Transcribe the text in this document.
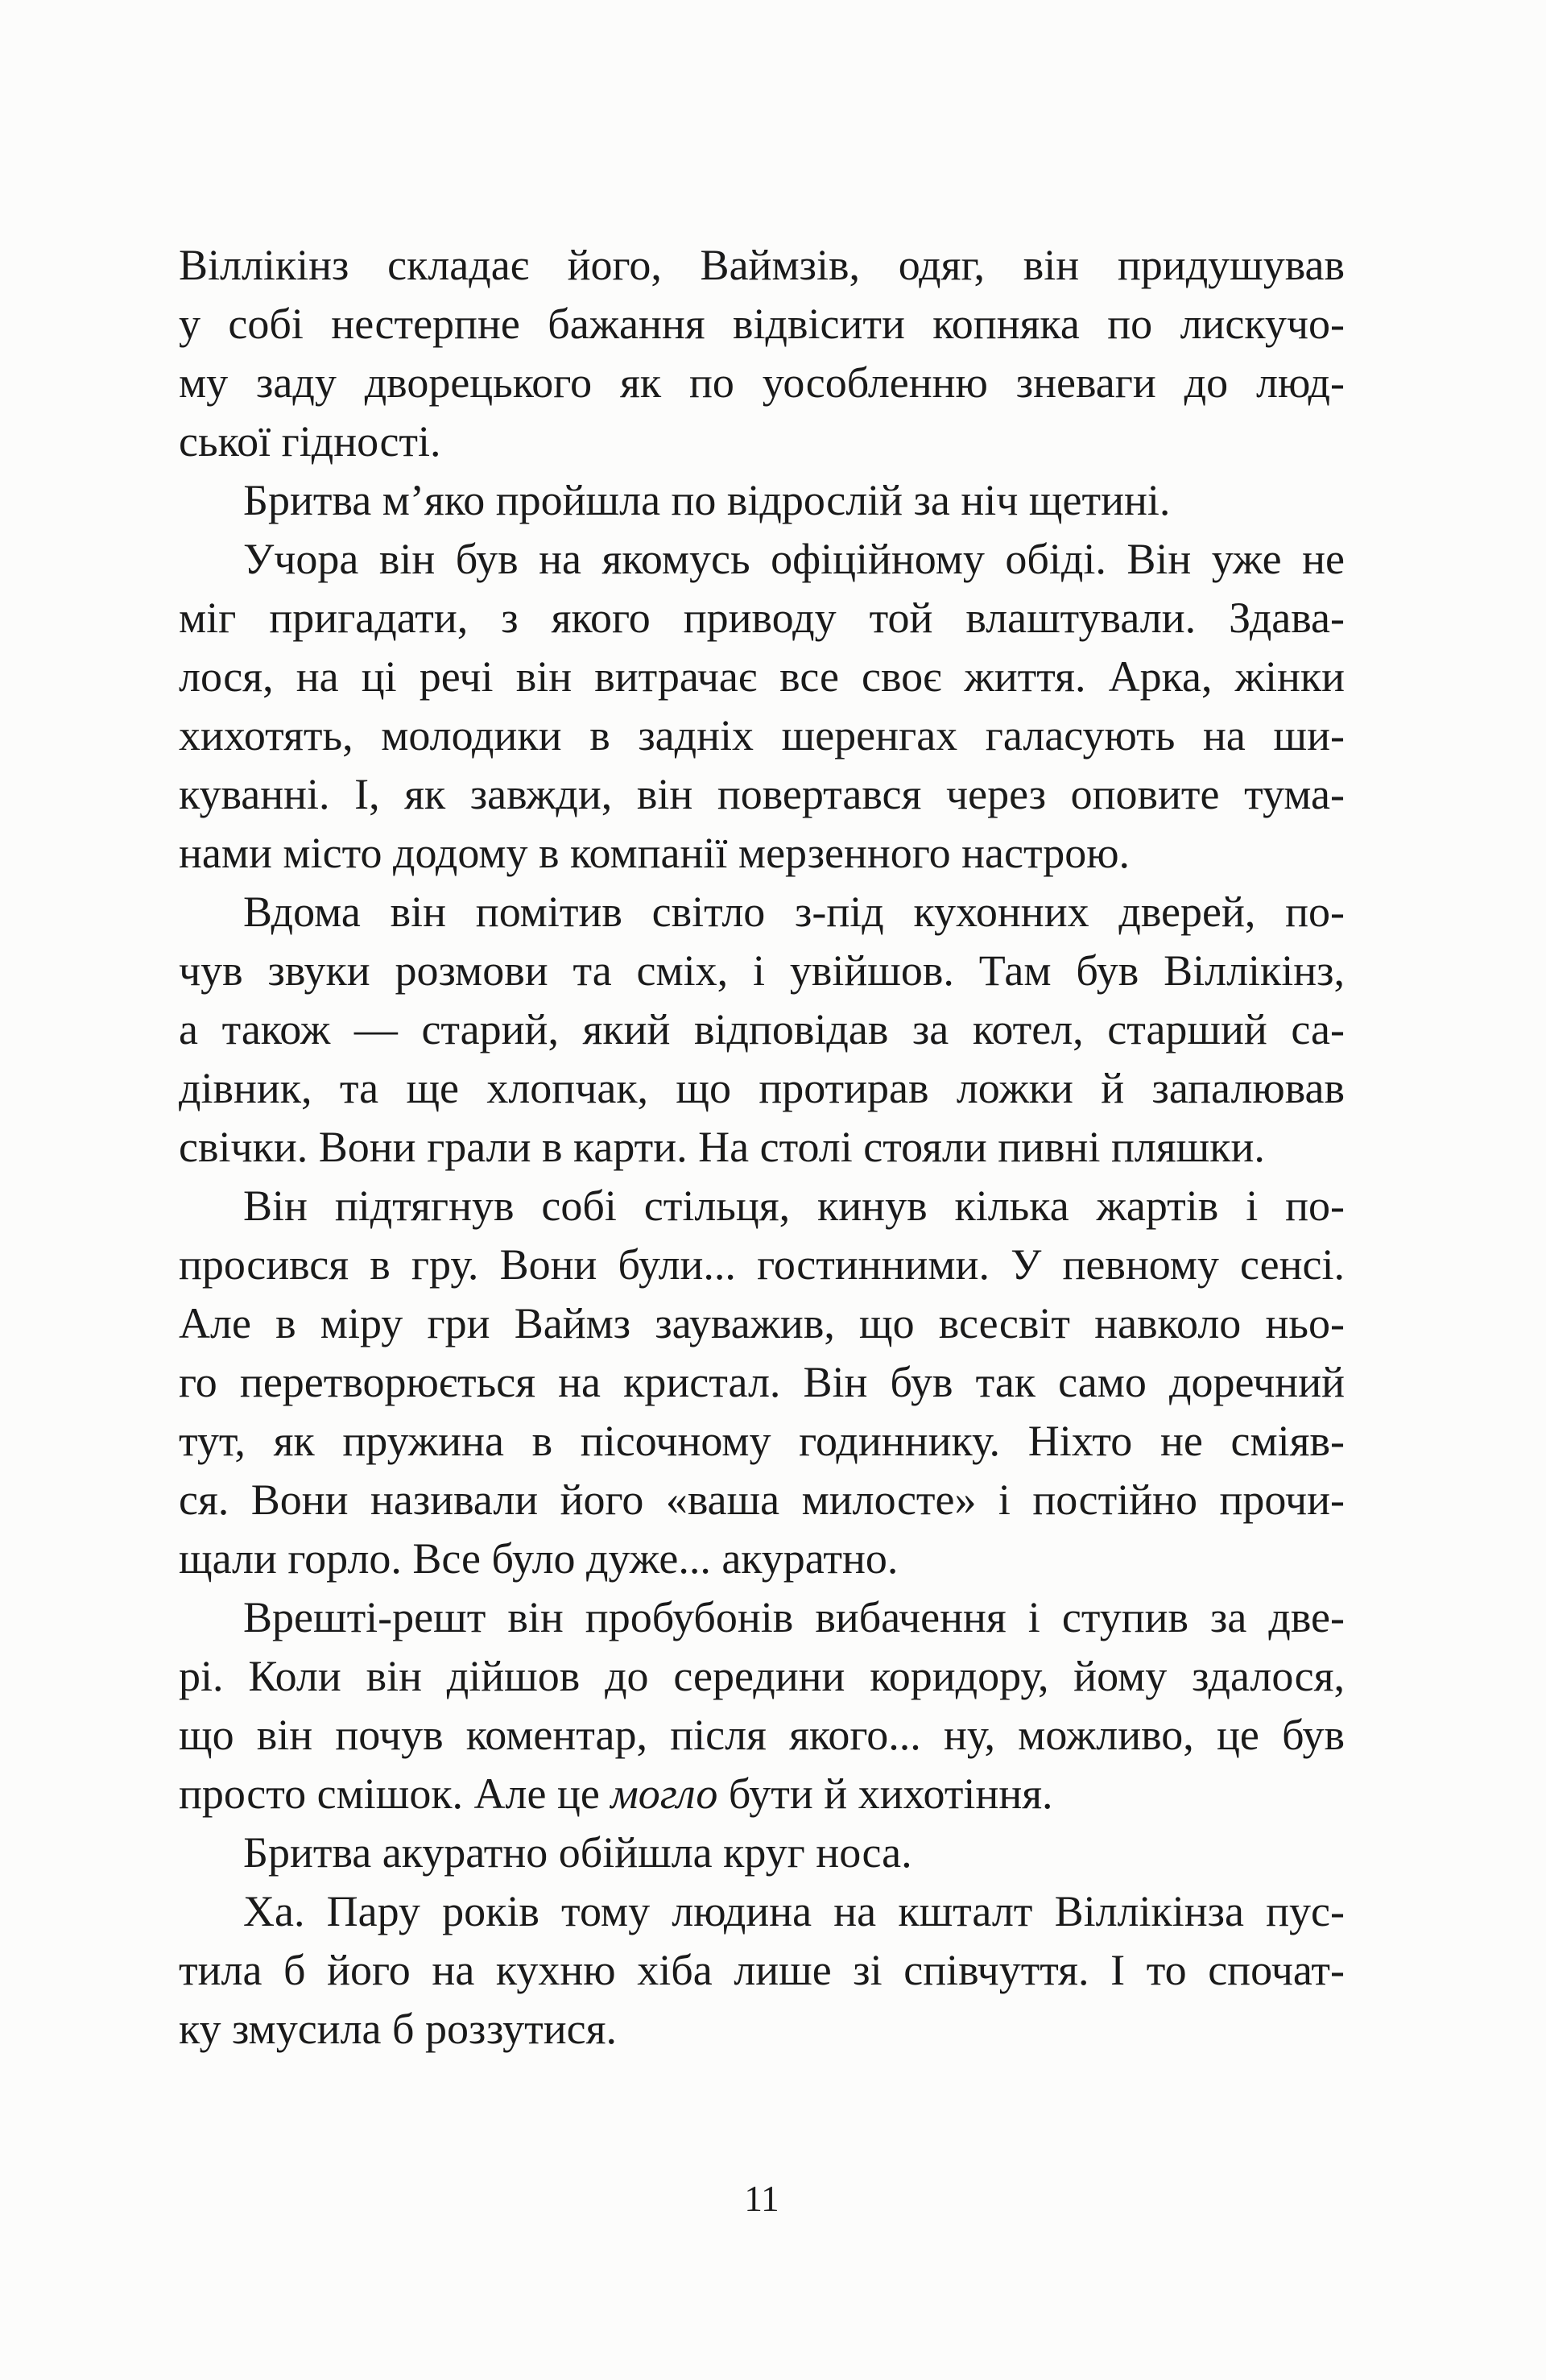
Віллікінз складає його, Ваймзів, одяг, він придушував
у собі нестерпне бажання відвісити копняка по лискучо-
му заду дворецького як по уособленню зневаги до люд-
ської гідності.
Бритва м’яко пройшла по відрослій за ніч щетині.
Учора він був на якомусь офіційному обіді. Він уже не
міг пригадати, з якого приводу той влаштували. Здава-
лося, на ці речі він витрачає все своє життя. Арка, жінки
хихотять, молодики в задніх шеренгах галасують на ши-
куванні. І, як завжди, він повертався через оповите тума-
нами місто додому в компанії мерзенного настрою.
Вдома він помітив світло з-під кухонних дверей, по-
чув звуки розмови та сміх, і увійшов. Там був Віллікінз,
а також — старий, який відповідав за котел, старший са-
дівник, та ще хлопчак, що протирав ложки й запалював
свічки. Вони грали в карти. На столі стояли пивні пляшки.
Він підтягнув собі стільця, кинув кілька жартів і по-
просився в гру. Вони були... гостинними. У певному сенсі.
Але в міру гри Ваймз зауважив, що всесвіт навколо ньо-
го перетворюється на кристал. Він був так само доречний
тут, як пружина в пісочному годиннику. Ніхто не сміяв-
ся. Вони називали його «ваша милосте» і постійно прочи-
щали горло. Все було дуже... акуратно.
Врешті-решт він пробубонів вибачення і ступив за две-
рі. Коли він дійшов до середини коридору, йому здалося,
що він почув коментар, після якого... ну, можливо, це був
просто смішок. Але це могло бути й хихотіння.
Бритва акуратно обійшла круг носа.
Ха. Пару років тому людина на кшталт Віллікінза пус-
тила б його на кухню хіба лише зі співчуття. І то спочат-
ку змусила б роззутися.
11
